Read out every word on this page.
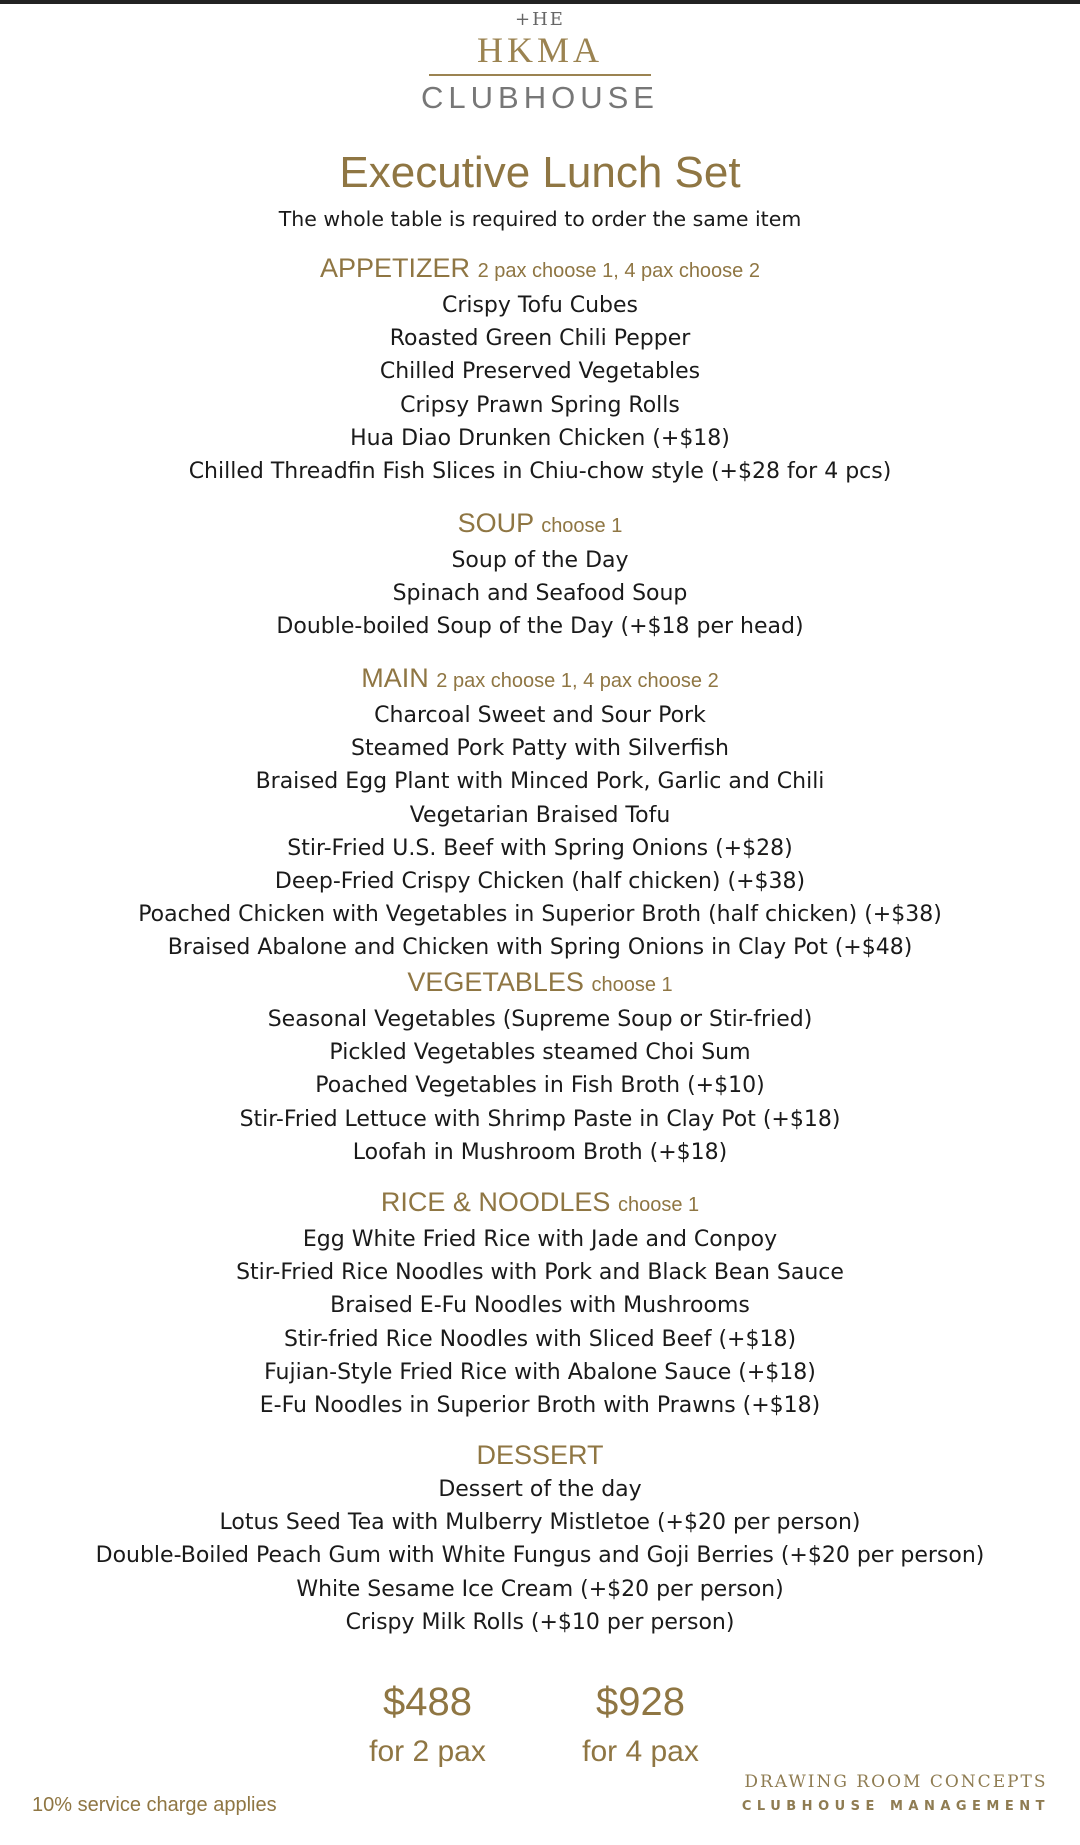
+HE
HKMA
CLUBHOUSE
Executive Lunch Set
The whole table is required to order the same item
APPETIZER 2 pax choose 1, 4 pax choose 2
Crispy Tofu Cubes
Roasted Green Chili Pepper
Chilled Preserved Vegetables
Cripsy Prawn Spring Rolls
Hua Diao Drunken Chicken (+$18)
Chilled Threadfin Fish Slices in Chiu-chow style (+$28 for 4 pcs)
SOUP choose 1
Soup of the Day
Spinach and Seafood Soup
Double-boiled Soup of the Day (+$18 per head)
MAIN 2 pax choose 1, 4 pax choose 2
Charcoal Sweet and Sour Pork
Steamed Pork Patty with Silverfish
Braised Egg Plant with Minced Pork, Garlic and Chili
Vegetarian Braised Tofu
Stir-Fried U.S. Beef with Spring Onions (+$28)
Deep-Fried Crispy Chicken (half chicken) (+$38)
Poached Chicken with Vegetables in Superior Broth (half chicken) (+$38)
Braised Abalone and Chicken with Spring Onions in Clay Pot (+$48)
VEGETABLES choose 1
Seasonal Vegetables (Supreme Soup or Stir-fried)
Pickled Vegetables steamed Choi Sum
Poached Vegetables in Fish Broth (+$10)
Stir-Fried Lettuce with Shrimp Paste in Clay Pot (+$18)
Loofah in Mushroom Broth (+$18)
RICE & NOODLES choose 1
Egg White Fried Rice with Jade and Conpoy
Stir-Fried Rice Noodles with Pork and Black Bean Sauce
Braised E-Fu Noodles with Mushrooms
Stir-fried Rice Noodles with Sliced Beef (+$18)
Fujian-Style Fried Rice with Abalone Sauce (+$18)
E-Fu Noodles in Superior Broth with Prawns (+$18)
DESSERT
Dessert of the day
Lotus Seed Tea with Mulberry Mistletoe (+$20 per person)
Double-Boiled Peach Gum with White Fungus and Goji Berries (+$20 per person)
White Sesame Ice Cream (+$20 per person)
Crispy Milk Rolls (+$10 per person)
$488
for 2 pax
$928
for 4 pax
10% service charge applies
DRAWING ROOM CONCEPTS
CLUBHOUSE MANAGEMENT
